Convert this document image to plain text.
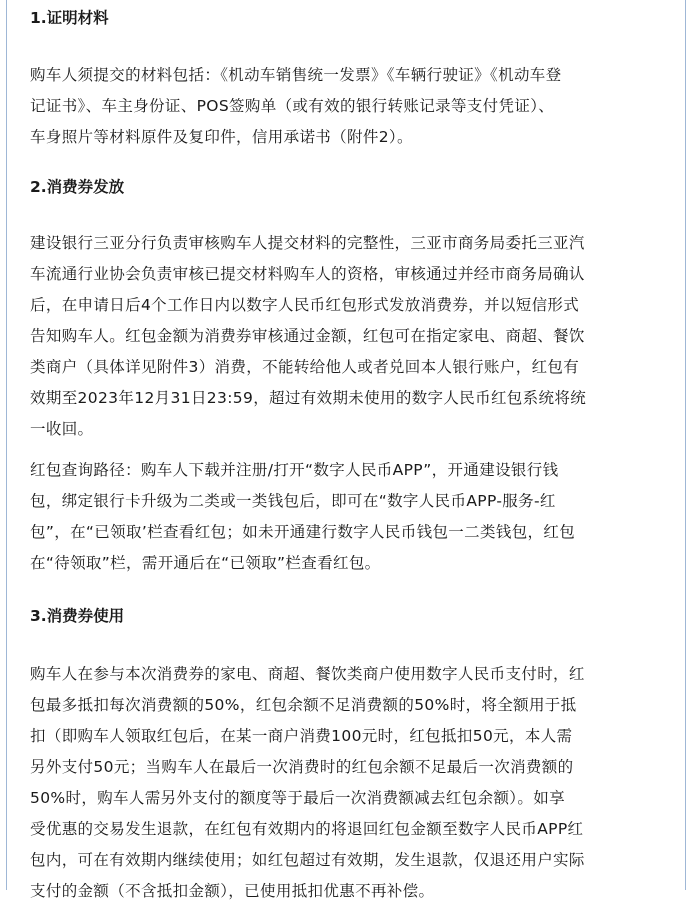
1.证明材料

购车人须提交的材料包括：《机动车销售统一发票》《车辆行驶证》《机动车登
记证书》、车主身份证、POS签购单（或有效的银行转账记录等支付凭证）、
车身照片等材料原件及复印件，信用承诺书（附件2）。

2.消费券发放

建设银行三亚分行负责审核购车人提交材料的完整性，三亚市商务局委托三亚汽
车流通行业协会负责审核已提交材料购车人的资格，审核通过并经市商务局确认
后，在申请日后4个工作日内以数字人民币红包形式发放消费券，并以短信形式
告知购车人。红包金额为消费券审核通过金额，红包可在指定家电、商超、餐饮
类商户（具体详见附件3）消费，不能转给他人或者兑回本人银行账户，红包有
效期至2023年12月31日23:59，超过有效期未使用的数字人民币红包系统将统
一收回。

红包查询路径：购车人下载并注册/打开“数字人民币APP”，开通建设银行钱
包，绑定银行卡升级为二类或一类钱包后，即可在“数字人民币APP-服务-红
包”，在“已领取’栏查看红包；如未开通建行数字人民币钱包一二类钱包，红包
在“待领取”栏，需开通后在“已领取”栏查看红包。

3.消费券使用

购车人在参与本次消费券的家电、商超、餐饮类商户使用数字人民币支付时，红
包最多抵扣每次消费额的50%，红包余额不足消费额的50%时，将全额用于抵
扣（即购车人领取红包后，在某一商户消费100元时，红包抵扣50元，本人需
另外支付50元；当购车人在最后一次消费时的红包余额不足最后一次消费额的
50%时，购车人需另外支付的额度等于最后一次消费额减去红包余额）。如享
受优惠的交易发生退款，在红包有效期内的将退回红包金额至数字人民币APP红
包内，可在有效期内继续使用；如红包超过有效期，发生退款，仅退还用户实际
支付的金额（不含抵扣金额），已使用抵扣优惠不再补偿。
